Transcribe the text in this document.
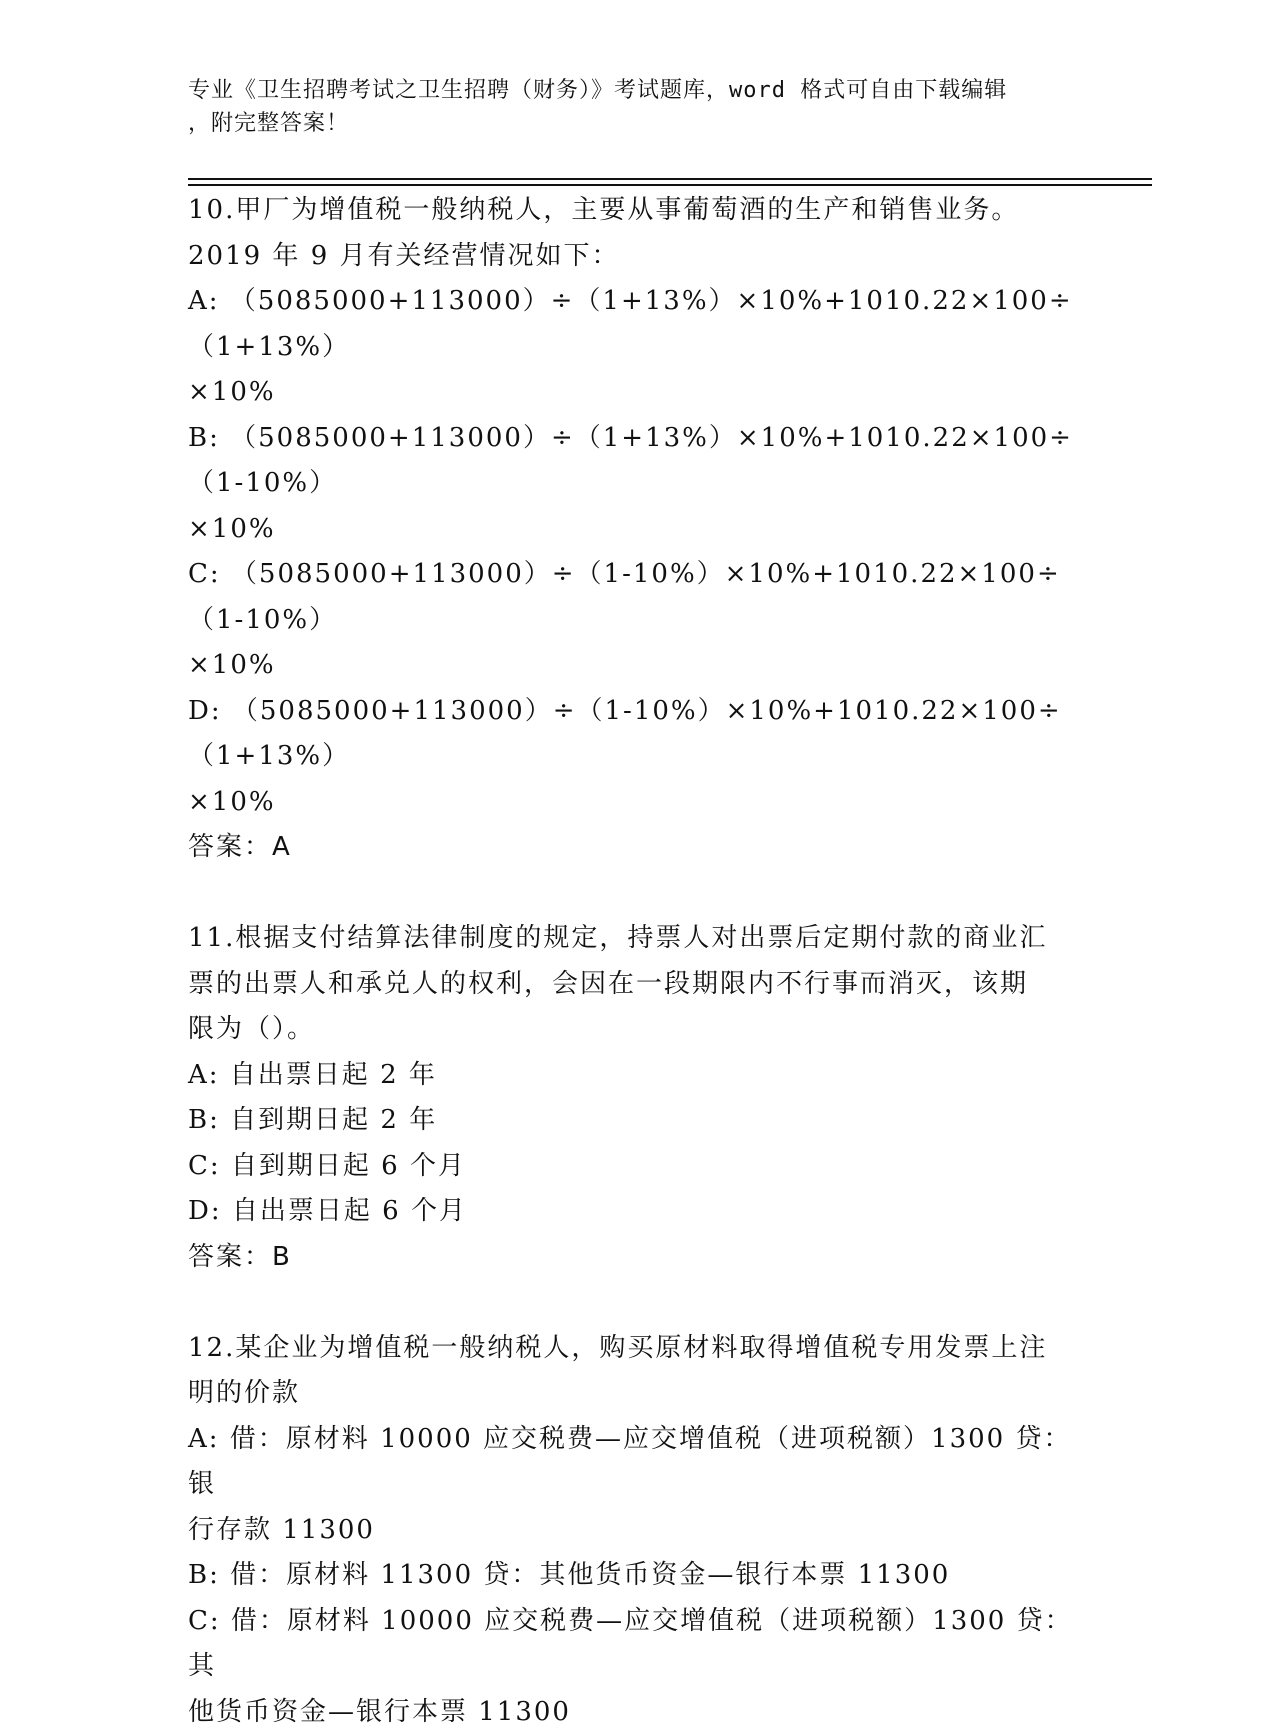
专业《卫生招聘考试之卫生招聘（财务）》考试题库，word 格式可自由下载编辑
，附完整答案！
10.甲厂为增值税一般纳税人，主要从事葡萄酒的生产和销售业务。
2019 年 9 月有关经营情况如下：
A: （5085000+113000）÷（1+13%）×10%+1010.22×100÷（1+13%）
×10%
B: （5085000+113000）÷（1+13%）×10%+1010.22×100÷（1-10%）
×10%
C: （5085000+113000）÷（1-10%）×10%+1010.22×100÷（1-10%）
×10%
D: （5085000+113000）÷（1-10%）×10%+1010.22×100÷（1+13%）
×10%
答案：A
11.根据支付结算法律制度的规定，持票人对出票后定期付款的商业汇
票的出票人和承兑人的权利，会因在一段期限内不行事而消灭，该期
限为（）。
A: 自出票日起 2 年
B: 自到期日起 2 年
C: 自到期日起 6 个月
D: 自出票日起 6 个月
答案：B
12.某企业为增值税一般纳税人，购买原材料取得增值税专用发票上注
明的价款
A: 借：原材料 10000 应交税费—应交增值税（进项税额）1300 贷：银
行存款 11300
B: 借：原材料 11300 贷：其他货币资金—银行本票 11300
C: 借：原材料 10000 应交税费—应交增值税（进项税额）1300 贷：其
他货币资金—银行本票 11300
